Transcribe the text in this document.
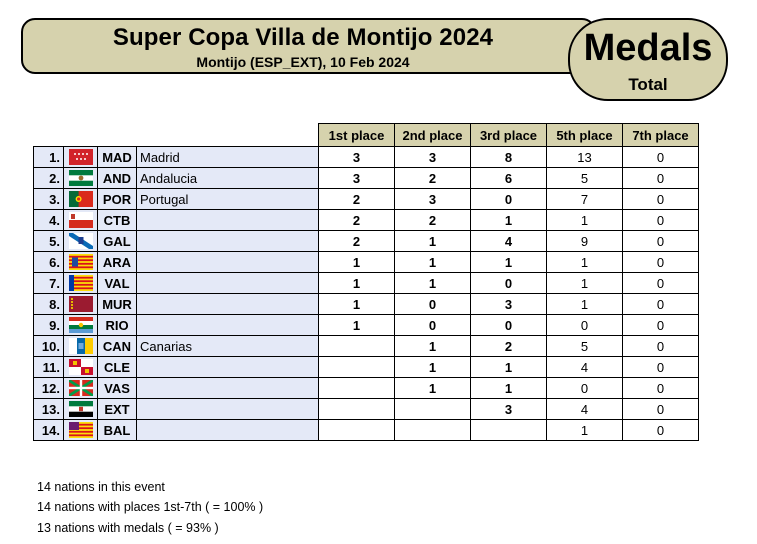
Super Copa Villa de Montijo 2024
Montijo (ESP_EXT), 10 Feb 2024	Medals
Total
				1st place	2nd place	3rd place	5th place	7th place
1.		MAD	Madrid	3	3	8	13	0
2.		AND	Andalucia	3	2	6	5	0
3.		POR	Portugal	2	3	0	7	0
4.		CTB		2	2	1	1	0
5.		GAL		2	1	4	9	0
6.		ARA		1	1	1	1	0
7.		VAL		1	1	0	1	0
8.		MUR		1	0	3	1	0
9.		RIO		1	0	0	0	0
10.		CAN	Canarias		1	2	5	0
11.		CLE			1	1	4	0
12.		VAS			1	1	0	0
13.		EXT				3	4	0
14.		BAL					1	0
14 nations in this event
14 nations with places 1st-7th ( = 100% )
13 nations with medals ( = 93% )
